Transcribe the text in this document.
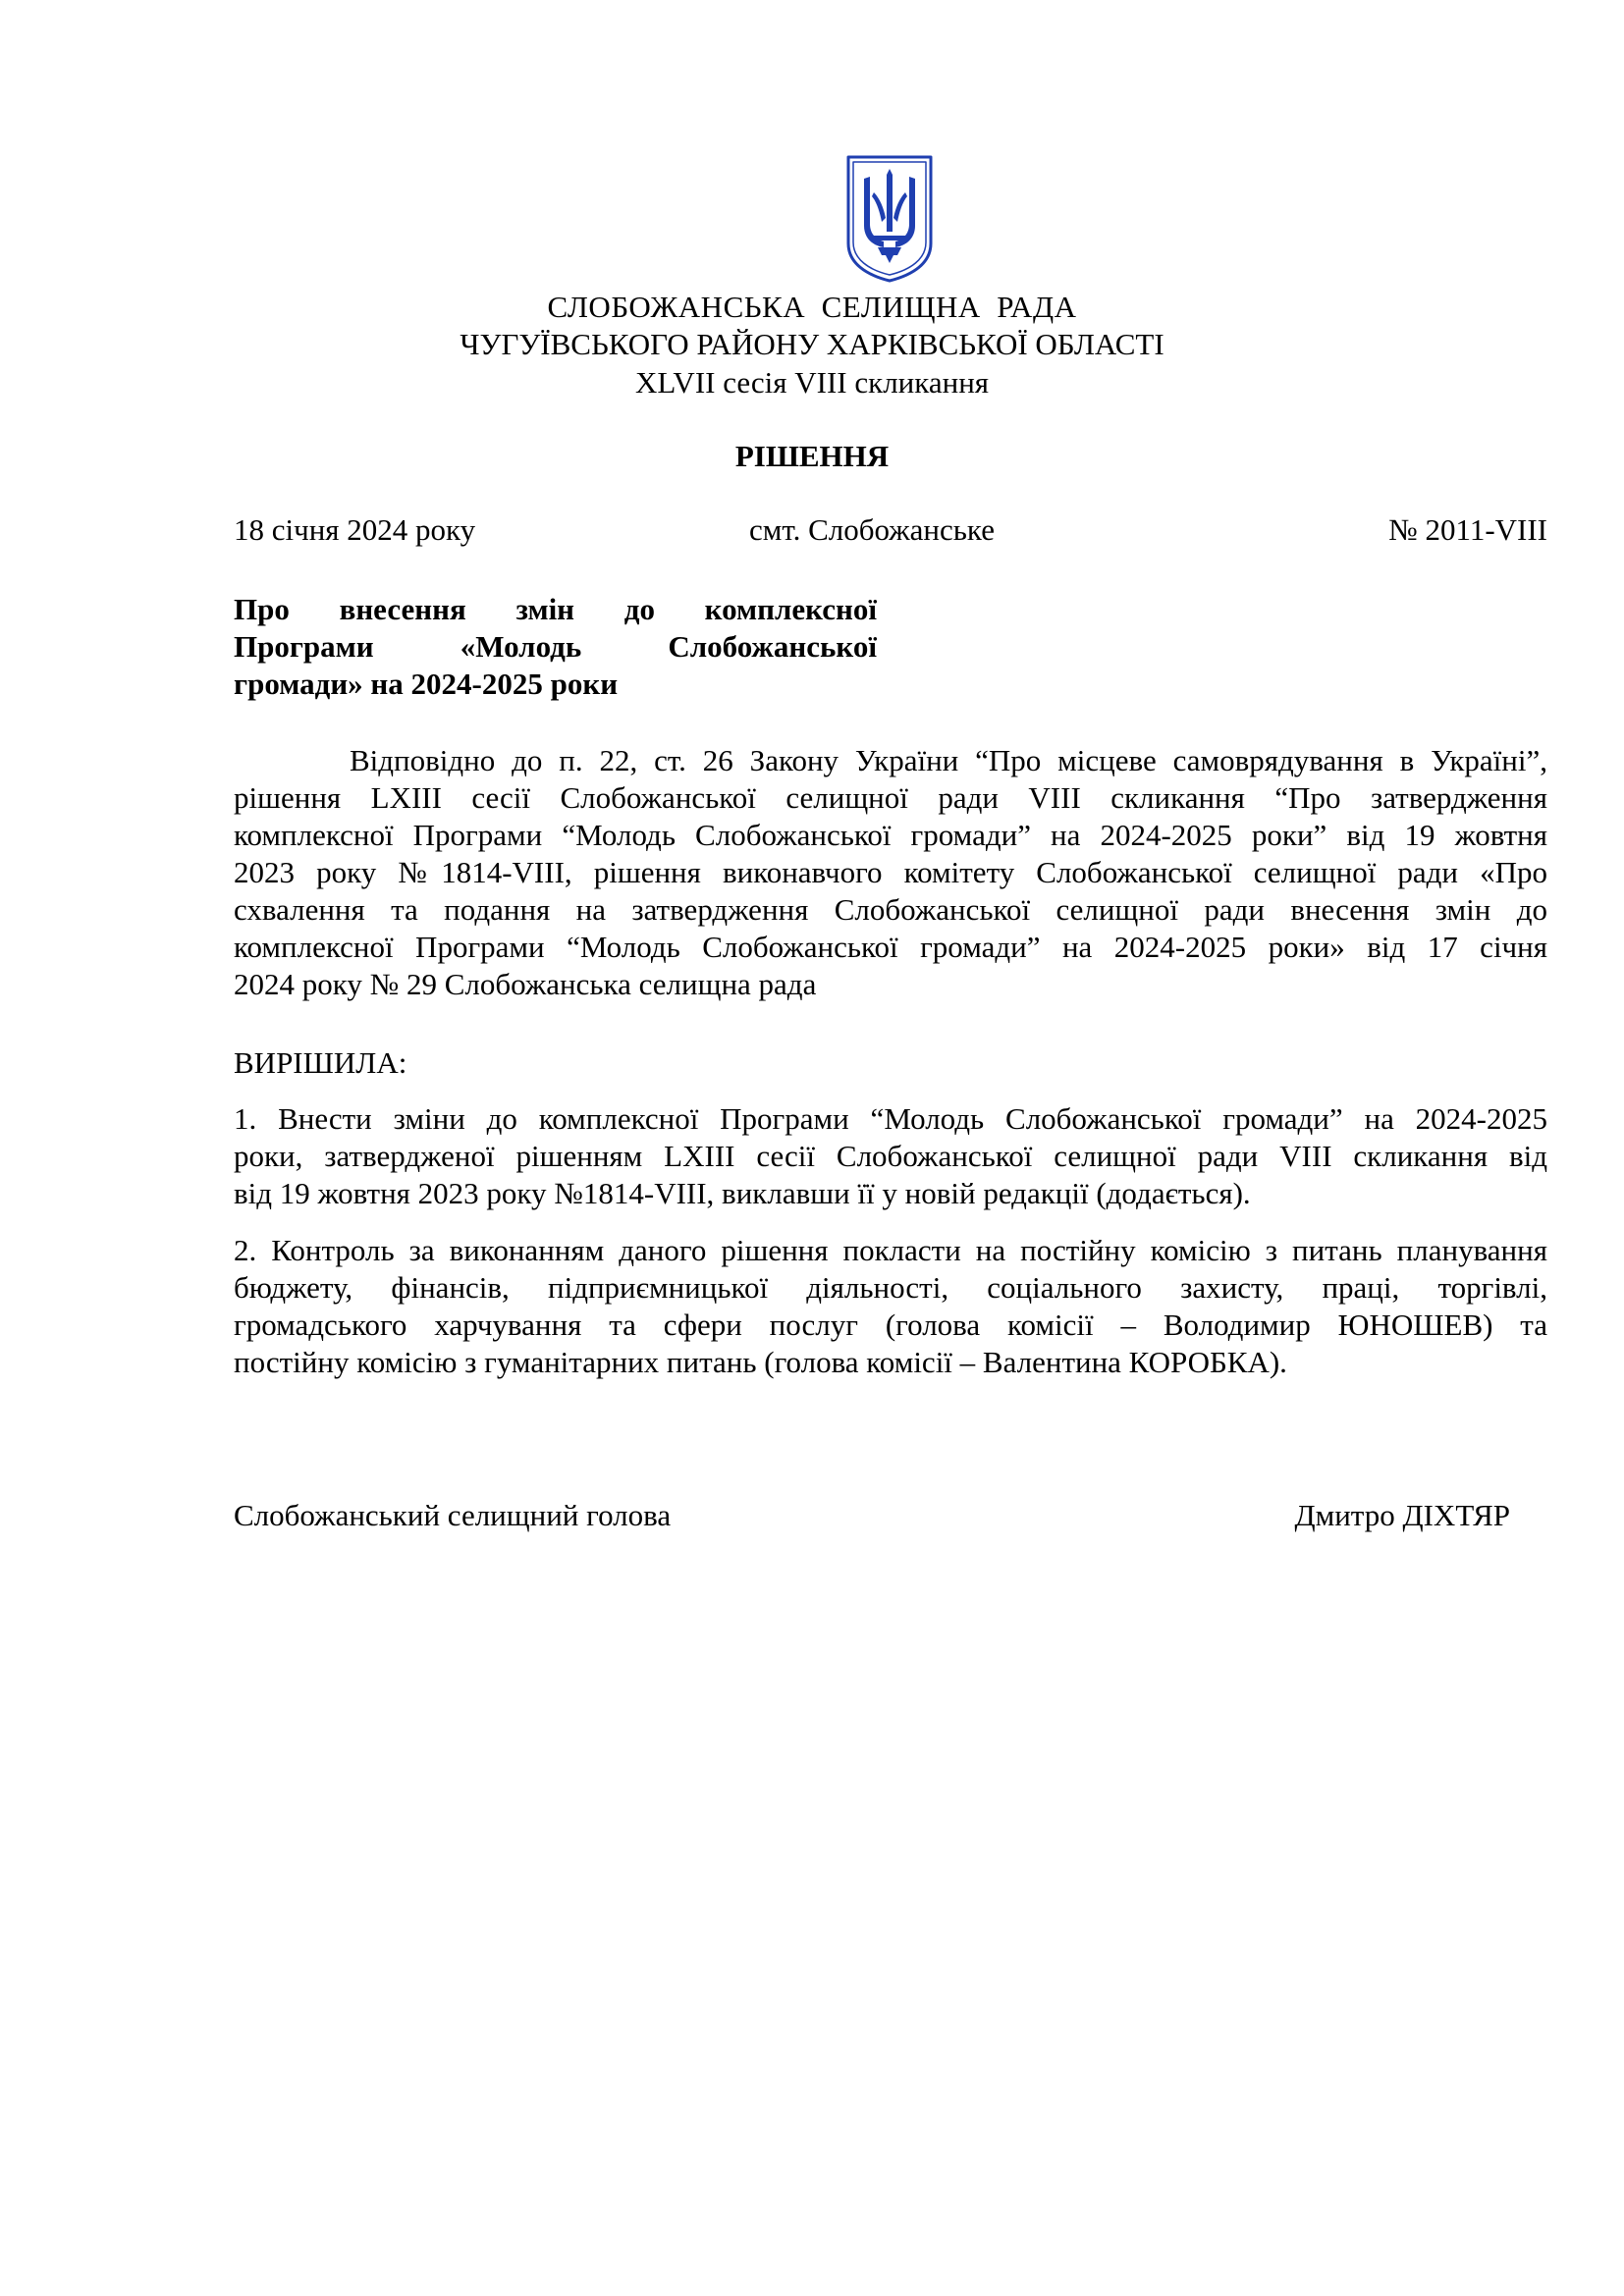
СЛОБОЖАНСЬКА  СЕЛИЩНА  РАДА
ЧУГУЇВСЬКОГО РАЙОНУ ХАРКІВСЬКОЇ ОБЛАСТІ
XLVII сесія VIII скликання
РІШЕННЯ
18 січня 2024 року	смт. Слобожанське	№ 2011-VIII
Про внесення змін до комплексної
Програми «Молодь Слобожанської
громади» на 2024-2025 роки
Відповідно до п. 22, ст. 26 Закону України “Про місцеве самоврядування в Україні”,
рішення LXIII сесії Слобожанської селищної ради VIII скликання “Про затвердження
комплексної Програми “Молодь Слобожанської громади” на 2024-2025 роки” від 19 жовтня
2023 року №1814-VIII, рішення виконавчого комітету Слобожанської селищної ради «Про
схвалення та подання на затвердження Слобожанської селищної ради внесення змін до
комплексної Програми “Молодь Слобожанської громади” на 2024-2025 роки» від 17 січня
2024 року № 29 Слобожанська селищна рада
ВИРІШИЛА:
1. Внести зміни до комплексної Програми “Молодь Слобожанської громади” на 2024-2025
роки, затвердженої рішенням LXIII сесії Слобожанської селищної ради VIII скликання від
від 19 жовтня 2023 року №1814-VIII, виклавши її у новій редакції (додається).
2. Контроль за виконанням даного рішення покласти на постійну комісію з питань планування
бюджету, фінансів, підприємницької діяльності, соціального захисту, праці, торгівлі,
громадського харчування та сфери послуг (голова комісії – Володимир ЮНОШЕВ) та
постійну комісію з гуманітарних питань (голова комісії – Валентина КОРОБКА).
Слобожанський селищний голова	Дмитро ДІХТЯР
